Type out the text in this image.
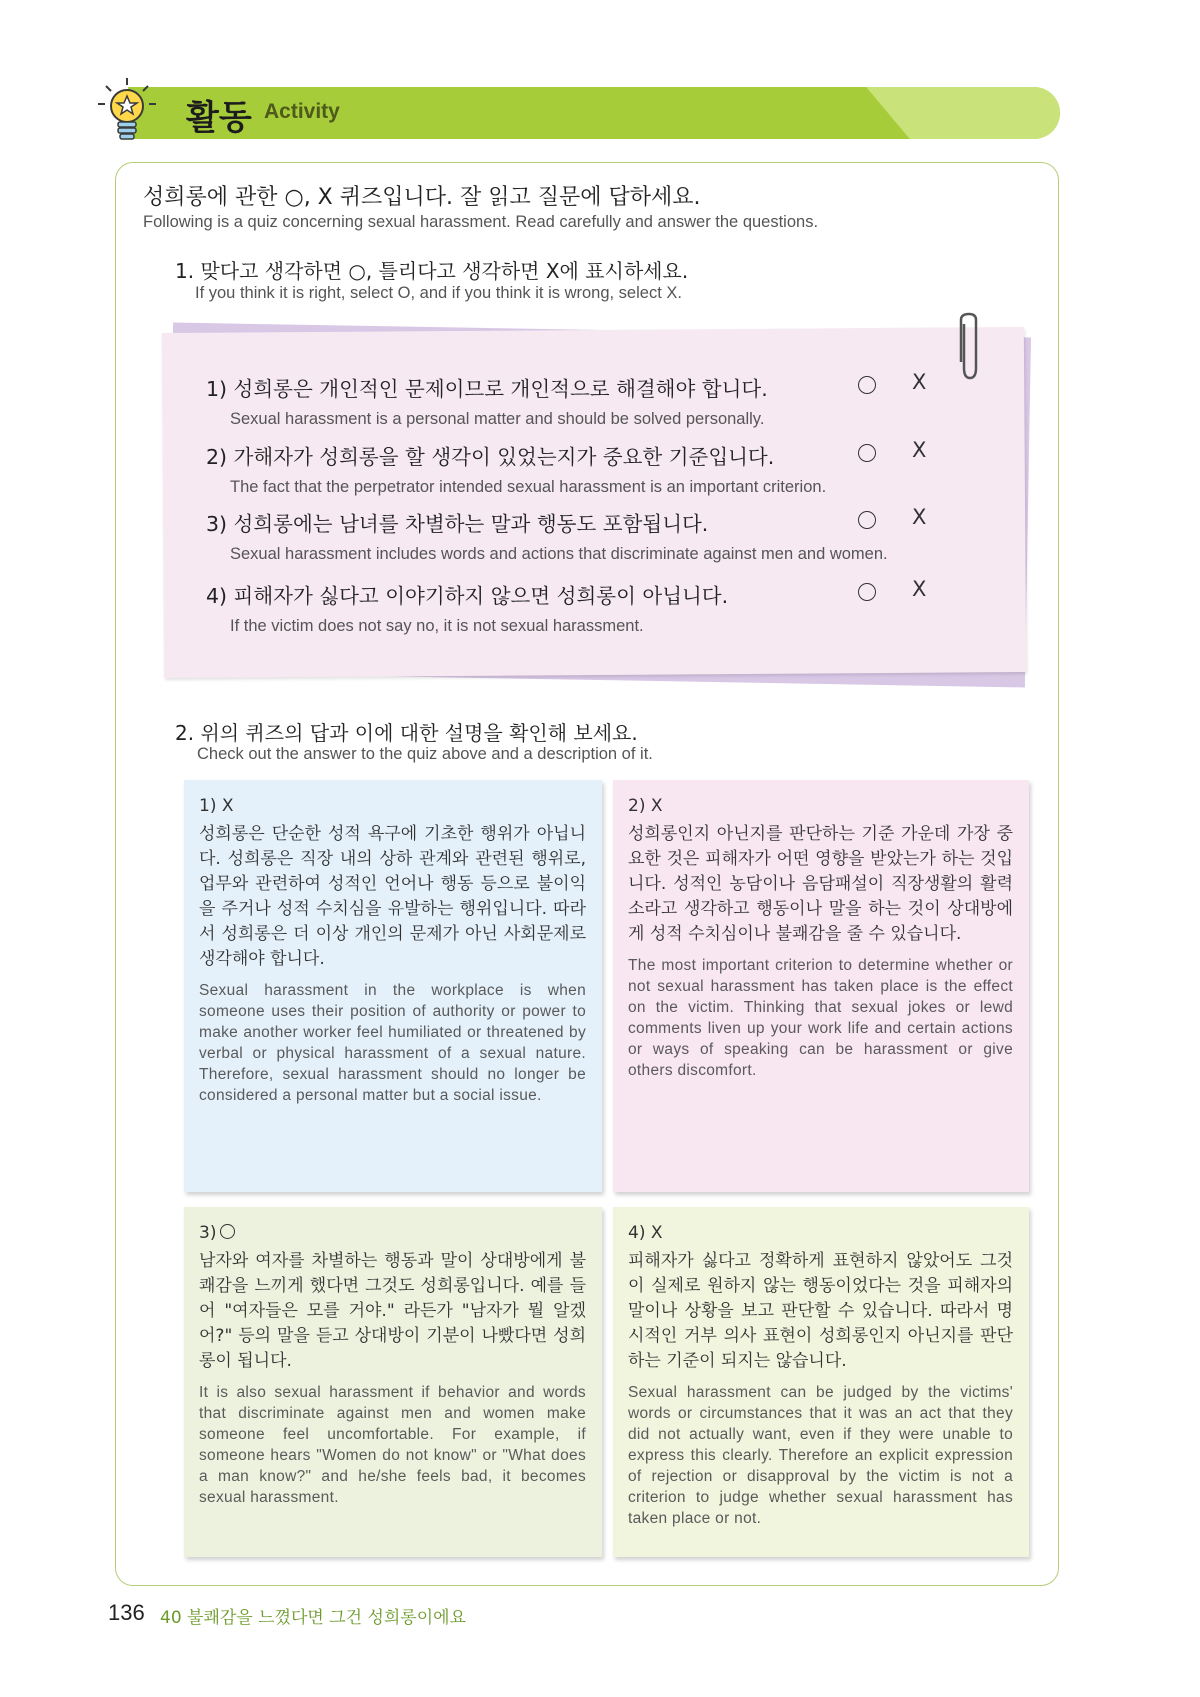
활동 Activity
성희롱에 관한 ○, X 퀴즈입니다. 잘 읽고 질문에 답하세요.
Following is a quiz concerning sexual harassment. Read carefully and answer the questions.
1. 맞다고 생각하면 ○, 틀리다고 생각하면 X에 표시하세요.
If you think it is right, select O, and if you think it is wrong, select X.
1) 성희롱은 개인적인 문제이므로 개인적으로 해결해야 합니다.
Sexual harassment is a personal matter and should be solved personally.
X
2) 가해자가 성희롱을 할 생각이 있었는지가 중요한 기준입니다.
The fact that the perpetrator intended sexual harassment is an important criterion.
X
3) 성희롱에는 남녀를 차별하는 말과 행동도 포함됩니다.
Sexual harassment includes words and actions that discriminate against men and women.
X
4) 피해자가 싫다고 이야기하지 않으면 성희롱이 아닙니다.
If the victim does not say no, it is not sexual harassment.
X
2. 위의 퀴즈의 답과 이에 대한 설명을 확인해 보세요.
Check out the answer to the quiz above and a description of it.
1) X
성희롱은 단순한 성적 욕구에 기초한 행위가 아닙니다. 성희롱은 직장 내의 상하 관계와 관련된 행위로, 업무와 관련하여 성적인 언어나 행동 등으로 불이익을 주거나 성적 수치심을 유발하는 행위입니다. 따라서 성희롱은 더 이상 개인의 문제가 아닌 사회문제로 생각해야 합니다.
Sexual harassment in the workplace is when someone uses their position of authority or power to make another worker feel humiliated or threatened by verbal or physical harassment of a sexual nature. Therefore, sexual harassment should no longer be considered a personal matter but a social issue.
2) X
성희롱인지 아닌지를 판단하는 기준 가운데 가장 중요한 것은 피해자가 어떤 영향을 받았는가 하는 것입니다. 성적인 농담이나 음담패설이 직장생활의 활력소라고 생각하고 행동이나 말을 하는 것이 상대방에게 성적 수치심이나 불쾌감을 줄 수 있습니다.
The most important criterion to determine whether or not sexual harassment has taken place is the effect on the victim. Thinking that sexual jokes or lewd comments liven up your work life and certain actions or ways of speaking can be harassment or give others discomfort.
3)
남자와 여자를 차별하는 행동과 말이 상대방에게 불쾌감을 느끼게 했다면 그것도 성희롱입니다. 예를 들어 "여자들은 모를 거야." 라든가 "남자가 뭘 알겠어?" 등의 말을 듣고 상대방이 기분이 나빴다면 성희롱이 됩니다.
It is also sexual harassment if behavior and words that discriminate against men and women make someone feel uncomfortable. For example, if someone hears "Women do not know" or "What does a man know?" and he/she feels bad, it becomes sexual harassment.
4) X
피해자가 싫다고 정확하게 표현하지 않았어도 그것이 실제로 원하지 않는 행동이었다는 것을 피해자의 말이나 상황을 보고 판단할 수 있습니다. 따라서 명시적인 거부 의사 표현이 성희롱인지 아닌지를 판단하는 기준이 되지는 않습니다.
Sexual harassment can be judged by the victims' words or circumstances that it was an act that they did not actually want, even if they were unable to express this clearly. Therefore an explicit expression of rejection or disapproval by the victim is not a criterion to judge whether sexual harassment has taken place or not.
136 40 불쾌감을 느꼈다면 그건 성희롱이에요
